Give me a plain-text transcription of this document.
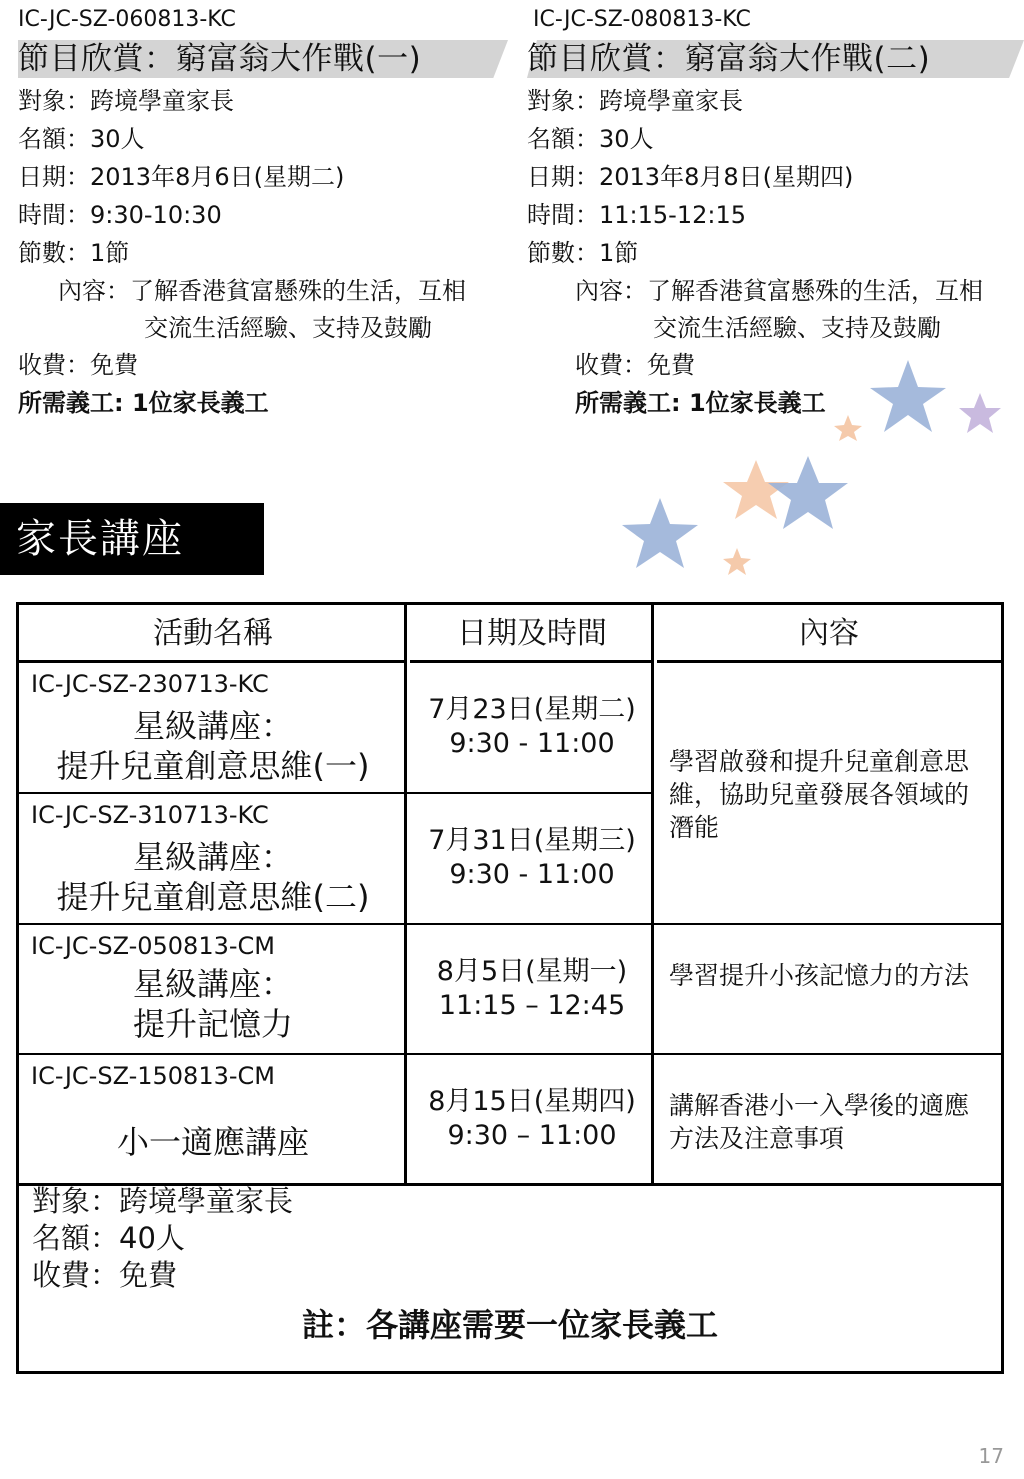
IC-JC-SZ-060813-KC
節目欣賞：窮富翁大作戰(一)
對象：跨境學童家長
名額：30人
日期：2013年8月6日(星期二)
時間：9:30-10:30
節數：1節
內容：了解香港貧富懸殊的生活，互相
交流生活經驗、支持及鼓勵
收費：免費
所需義工: 1位家長義工
IC-JC-SZ-080813-KC
節目欣賞：窮富翁大作戰(二)
對象：跨境學童家長
名額：30人
日期：2013年8月8日(星期四)
時間：11:15-12:15
節數：1節
內容：了解香港貧富懸殊的生活，互相
交流生活經驗、支持及鼓勵
收費：免費
所需義工: 1位家長義工
家長講座
活動名稱	日期及時間	內容
IC-JC-SZ-230713-KC
星級講座：
提升兒童創意思維(一)
7月23日(星期二)
9:30 - 11:00
學習啟發和提升兒童創意思
維，協助兒童發展各領域的
潛能
IC-JC-SZ-310713-KC
星級講座：
提升兒童創意思維(二)
7月31日(星期三)
9:30 - 11:00
IC-JC-SZ-050813-CM
星級講座：
提升記憶力
8月5日(星期一)
11:15 – 12:45
學習提升小孩記憶力的方法
IC-JC-SZ-150813-CM
小一適應講座
8月15日(星期四)
9:30 – 11:00
講解香港小一入學後的適應
方法及注意事項
對象：跨境學童家長
名額：40人
收費：免費
註：各講座需要一位家長義工
17
